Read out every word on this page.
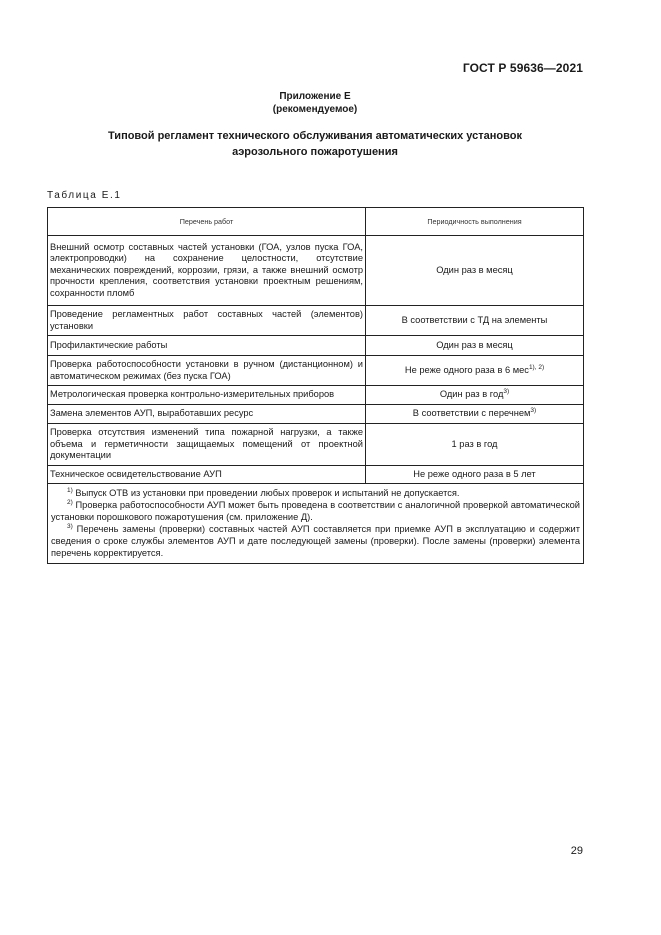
ГОСТ Р 59636—2021
Приложение Е
(рекомендуемое)
Типовой регламент технического обслуживания автоматических установок
аэрозольного пожаротушения
Таблица Е.1
Перечень работ	Периодичность выполнения
Внешний осмотр составных частей установки (ГОА, узлов пуска ГОА, электропроводки) на сохранение целостности, отсутствие механических повреждений, коррозии, грязи, а также внешний осмотр прочности крепления, соответствия установки проектным решениям, сохранности пломб	Один раз в месяц
Проведение регламентных работ составных частей (элементов) установки	В соответствии с ТД на элементы
Профилактические работы	Один раз в месяц
Проверка работоспособности установки в ручном (дистанционном) и автоматическом режимах (без пуска ГОА)	Не реже одного раза в 6 мес$^{1), 2)}$
Метрологическая проверка контрольно-измерительных приборов	Один раз в год$^{3)}$
Замена элементов АУП, выработавших ресурс	В соответствии с перечнем$^{3)}$
Проверка отсутствия изменений типа пожарной нагрузки, а также объема и герметичности защищаемых помещений от проектной документации	1 раз в год
Техническое освидетельствование АУП	Не реже одного раза в 5 лет

$^{1)}$ Выпуск ОТВ из установки при проведении любых проверок и испытаний не допускается.
$^{2)}$ Проверка работоспособности АУП может быть проведена в соответствии с аналогичной проверкой автоматической установки порошкового пожаротушения (см. приложение Д).
$^{3)}$ Перечень замены (проверки) составных частей АУП составляется при приемке АУП в эксплуатацию и содержит сведения о сроке службы элементов АУП и дате последующей замены (проверки). После замены (проверки) элемента перечень корректируется.	
29
